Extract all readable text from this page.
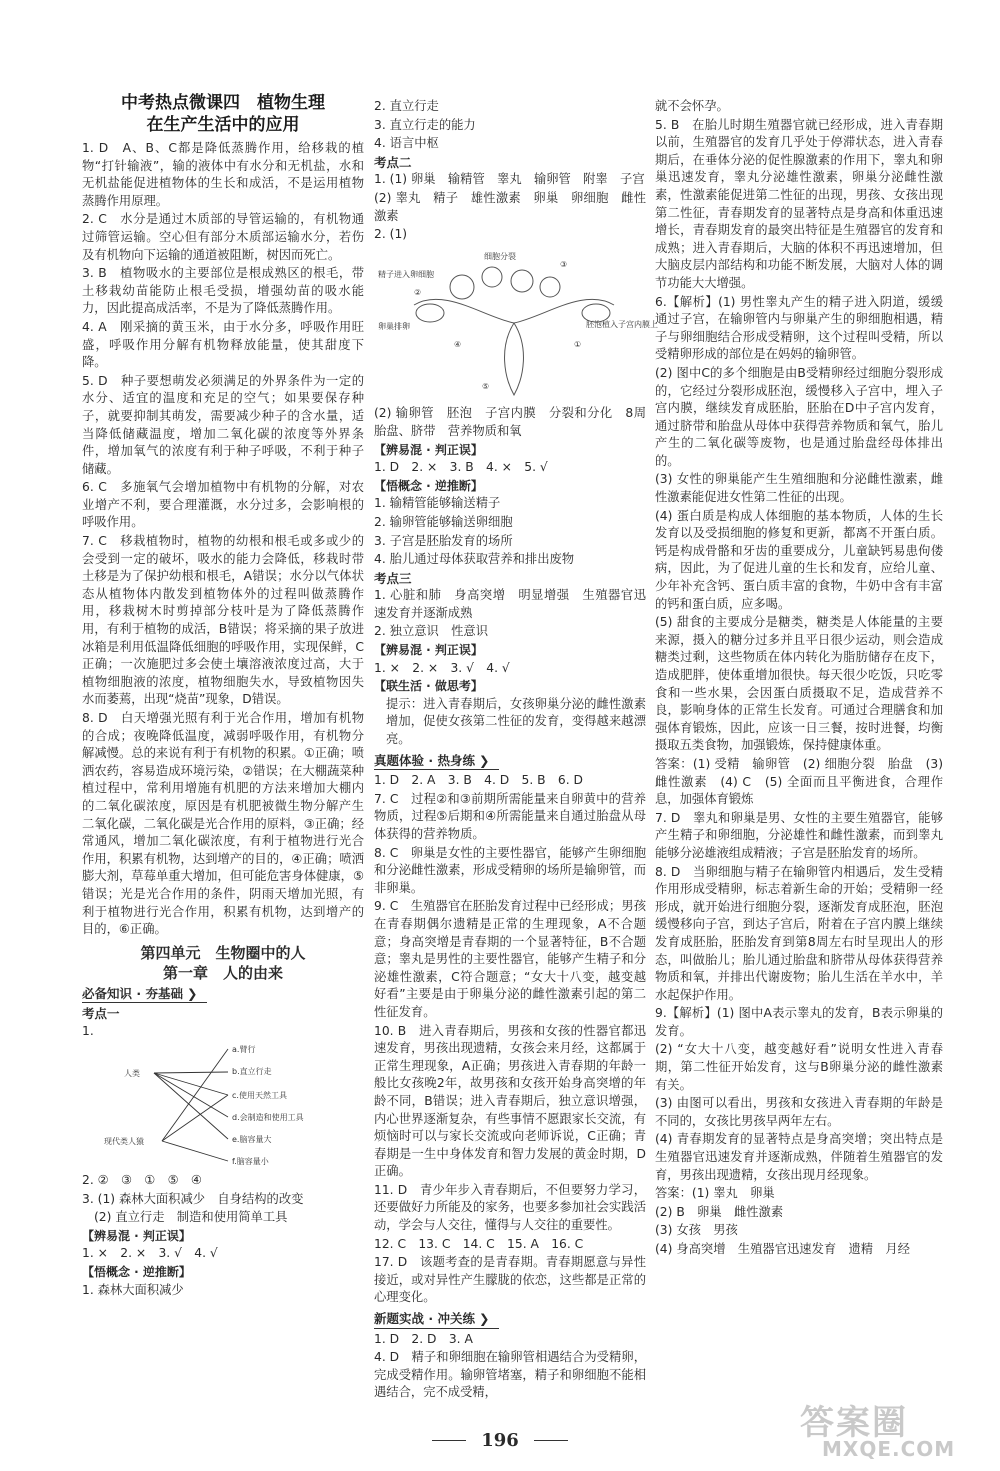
中考热点微课四　植物生理
在生产生活中的应用
1. D　A、B、C都是降低蒸腾作用，给移栽的植物“打针输液”，输的液体中有水分和无机盐，水和无机盐能促进植物体的生长和成活，不是运用植物蒸腾作用原理。
2. C　水分是通过木质部的导管运输的，有机物通过筛管运输。空心但有部分木质部运输水分，若伤及有机物向下运输的通道被阻断，树因而死亡。
3. B　植物吸水的主要部位是根成熟区的根毛，带土移栽幼苗能防止根毛受损，增强幼苗的吸水能力，因此提高成活率，不是为了降低蒸腾作用。
4. A　刚采摘的黄玉米，由于水分多，呼吸作用旺盛，呼吸作用分解有机物释放能量，使其甜度下降。
5. D　种子要想萌发必须满足的外界条件为一定的水分、适宜的温度和充足的空气；如果要保存种子，就要抑制其萌发，需要减少种子的含水量，适当降低储藏温度，增加二氧化碳的浓度等外界条件，增加氧气的浓度有利于种子呼吸，不利于种子储藏。
6. C　多施氧气会增加植物中有机物的分解，对农业增产不利，要合理灌溉，水分过多，会影响根的呼吸作用。
7. C　移栽植物时，植物的幼根和根毛或多或少的会受到一定的破坏，吸水的能力会降低，移栽时带土移是为了保护幼根和根毛，A错误；水分以气体状态从植物体内散发到植物体外的过程叫做蒸腾作用，移栽树木时剪掉部分枝叶是为了降低蒸腾作用，有利于植物的成活，B错误；将采摘的果子放进冰箱是利用低温降低细胞的呼吸作用，实现保鲜，C正确；一次施肥过多会使土壤溶液浓度过高，大于植物细胞液的浓度，植物细胞失水，导致植物因失水而萎蔫，出现“烧苗”现象，D错误。
8. D　白天增强光照有利于光合作用，增加有机物的合成；夜晚降低温度，减弱呼吸作用，有机物分解减慢。总的来说有利于有机物的积累。①正确；喷洒农药，容易造成环境污染，②错误；在大棚蔬菜种植过程中，常利用增施有机肥的方法来增加大棚内的二氧化碳浓度，原因是有机肥被微生物分解产生二氧化碳，二氧化碳是光合作用的原料，③正确；经常通风，增加二氧化碳浓度，有利于植物进行光合作用，积累有机物，达到增产的目的，④正确；喷洒膨大剂，草莓单重大增加，但可能危害身体健康，⑤错误；光是光合作用的条件，阴雨天增加光照，有利于植物进行光合作用，积累有机物，达到增产的目的，⑥正确。
第四单元　生物圈中的人
第一章　人的由来
必备知识 · 夯基础 ❯
考点一
1.
人类
现代类人猿
a.臂行
b.直立行走
c.使用天然工具
d.会制造和使用工具
e.脑容量大
f.脑容量小
2. ②　③　①　⑤　④
3. (1) 森林大面积减少　自身结构的改变
(2) 直立行走　制造和使用简单工具
【辨易混 · 判正误】
1. ×　2. ×　3. √　4. √
【悟概念 · 逆推断】
1. 森林大面积减少
2. 直立行走
3. 直立行走的能力
4. 语言中枢
考点二
1. (1) 卵巢　输精管　睾丸　输卵管　附睾　子宫
(2) 睾丸　精子　雄性激素　卵巢　卵细胞　雌性激素
2. (1)
细胞分裂
精子进入卵细胞
卵巢排卵	胚泡植入子宫内膜上
②
③
④	①
⑤
(2) 输卵管　胚泡　子宫内膜　分裂和分化　8周　胎盘、脐带　营养物质和氧
【辨易混 · 判正误】
1. D　2. ×　3. B　4. ×　5. √
【悟概念 · 逆推断】
1. 输精管能够输送精子
2. 输卵管能够输送卵细胞
3. 子宫是胚胎发育的场所
4. 胎儿通过母体获取营养和排出废物
考点三
1. 心脏和肺　身高突增　明显增强　生殖器官迅速发育并逐渐成熟
2. 独立意识　性意识
【辨易混 · 判正误】
1. ×　2. ×　3. √　4. √
【联生活 · 做思考】
提示：进入青春期后，女孩卵巢分泌的雌性激素增加，促使女孩第二性征的发育，变得越来越漂亮。
真题体验 · 热身练 ❯
1. D　2. A　3. B　4. D　5. B　6. D
7. C　过程②和③前期所需能量来自卵黄中的营养物质，过程⑤后期和④所需能量来自通过胎盘从母体获得的营养物质。
8. C　卵巢是女性的主要性器官，能够产生卵细胞和分泌雌性激素，形成受精卵的场所是输卵管，而非卵巢。
9. C　生殖器官在胚胎发育过程中已经形成；男孩在青春期偶尔遗精是正常的生理现象，A不合题意；身高突增是青春期的一个显著特征，B不合题意；睾丸是男性的主要性器官，能够产生精子和分泌雄性激素，C符合题意；“女大十八变，越变越好看”主要是由于卵巢分泌的雌性激素引起的第二性征发育。
10. B　进入青春期后，男孩和女孩的性器官都迅速发育，男孩出现遗精，女孩会来月经，这都属于正常生理现象，A正确；男孩进入青春期的年龄一般比女孩晚2年，故男孩和女孩开始身高突增的年龄不同，B错误；进入青春期后，独立意识增强，内心世界逐渐复杂，有些事情不愿跟家长交流，有烦恼时可以与家长交流或向老师诉说，C正确；青春期是一生中身体发育和智力发展的黄金时期，D正确。
11. D　青少年步入青春期后，不但要努力学习，还要做好力所能及的家务，也要多参加社会实践活动，学会与人交往，懂得与人交往的重要性。
12. C　13. C　14. C　15. A　16. C
17. D　该题考查的是青春期。青春期愿意与异性接近，或对异性产生朦胧的依恋，这些都是正常的心理变化。
新题实战 · 冲关练 ❯
1. D　2. D　3. A
4. D　精子和卵细胞在输卵管相遇结合为受精卵，完成受精作用。输卵管堵塞，精子和卵细胞不能相遇结合，完不成受精，
就不会怀孕。
5. B　在胎儿时期生殖器官就已经形成，进入青春期以前，生殖器官的发育几乎处于停滞状态，进入青春期后，在垂体分泌的促性腺激素的作用下，睾丸和卵巢迅速发育，睾丸分泌雄性激素，卵巢分泌雌性激素，性激素能促进第二性征的出现，男孩、女孩出现第二性征，青春期发育的显著特点是身高和体重迅速增长，青春期发育的最突出特征是生殖器官的发育和成熟；进入青春期后，大脑的体积不再迅速增加，但大脑皮层内部结构和功能不断发展，大脑对人体的调节功能大大增强。
6.【解析】(1) 男性睾丸产生的精子进入阴道，缓缓通过子宫，在输卵管内与卵巢产生的卵细胞相遇，精子与卵细胞结合形成受精卵，这个过程叫受精，所以受精卵形成的部位是在妈妈的输卵管。
(2) 图中C的多个细胞是由B受精卵经过细胞分裂形成的，它经过分裂形成胚泡，缓慢移入子宫中，埋入子宫内膜，继续发育成胚胎，胚胎在D中子宫内发育，通过脐带和胎盘从母体中获得营养物质和氧气，胎儿产生的二氧化碳等废物，也是通过胎盘经母体排出的。
(3) 女性的卵巢能产生生殖细胞和分泌雌性激素，雌性激素能促进女性第二性征的出现。
(4) 蛋白质是构成人体细胞的基本物质，人体的生长发育以及受损细胞的修复和更新，都离不开蛋白质。钙是构成骨骼和牙齿的重要成分，儿童缺钙易患佝偻病，因此，为了促进儿童的生长和发育，应给儿童、少年补充含钙、蛋白质丰富的食物，牛奶中含有丰富的钙和蛋白质，应多喝。
(5) 甜食的主要成分是糖类，糖类是人体能量的主要来源，摄入的糖分过多并且平日很少运动，则会造成糖类过剩，这些物质在体内转化为脂肪储存在皮下，造成肥胖，使体重增加很快。每天很少吃饭，只吃零食和一些水果，会因蛋白质摄取不足，造成营养不良，影响身体的正常生长发育。可通过合理膳食和加强体育锻炼，因此，应该一日三餐，按时进餐，均衡摄取五类食物，加强锻炼，保持健康体重。
答案：(1) 受精　输卵管　(2) 细胞分裂　胎盘　(3) 雌性激素　(4) C　(5) 全面而且平衡进食，合理作息，加强体育锻炼
7. D　睾丸和卵巢是男、女性的主要生殖器官，能够产生精子和卵细胞，分泌雄性和雌性激素，而到睾丸能够分泌雄液组成精液；子宫是胚胎发育的场所。
8. D　当卵细胞与精子在输卵管内相遇后，发生受精作用形成受精卵，标志着新生命的开始；受精卵一经形成，就开始进行细胞分裂，逐渐发育成胚泡，胚泡缓慢移向子宫，到达子宫后，附着在子宫内膜上继续发育成胚胎，胚胎发育到第8周左右时呈现出人的形态，叫做胎儿；胎儿通过胎盘和脐带从母体获得营养物质和氧，并排出代谢废物；胎儿生活在羊水中，羊水起保护作用。
9.【解析】(1) 图中A表示睾丸的发育，B表示卵巢的发育。
(2) “女大十八变，越变越好看”说明女性进入青春期，第二性征开始发育，这与B卵巢分泌的雌性激素有关。
(3) 由图可以看出，男孩和女孩进入青春期的年龄是不同的，女孩比男孩早两年左右。
(4) 青春期发育的显著特点是身高突增；突出特点是生殖器官迅速发育并逐渐成熟，伴随着生殖器官的发育，男孩出现遗精，女孩出现月经现象。
答案：(1) 睾丸　卵巢
(2) B　卵巢　雌性激素
(3) 女孩　男孩
(4) 身高突增　生殖器官迅速发育　遗精　月经
196	答案圈
MXQE.COM
